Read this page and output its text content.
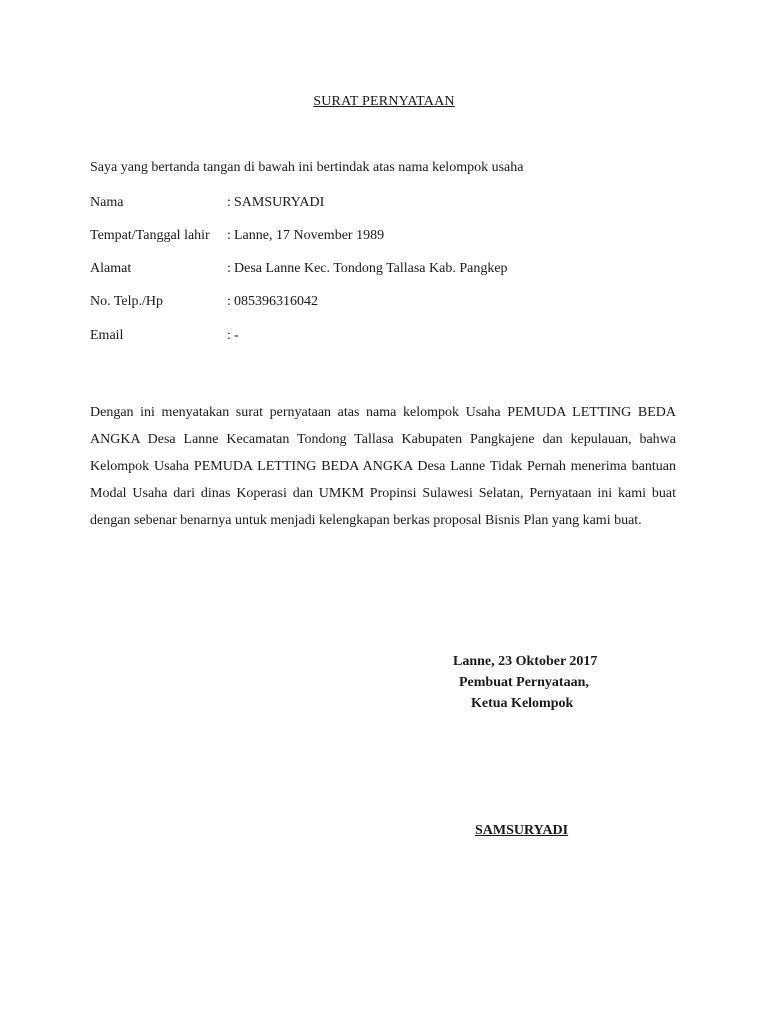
SURAT PERNYATAAN
Saya yang bertanda tangan di bawah ini bertindak atas nama kelompok usaha
Nama	:SAMSURYADI
Tempat/Tanggal lahir :Lanne, 17 November 1989
Alamat	:Desa Lanne Kec. Tondong Tallasa Kab. Pangkep
No. Telp./Hp	:085396316042
Email	:-
Dengan ini menyatakan surat pernyataan atas nama kelompok Usaha PEMUDA LETTING BEDA ANGKA Desa Lanne Kecamatan Tondong Tallasa Kabupaten Pangkajene dan kepulauan, bahwa Kelompok Usaha PEMUDA LETTING BEDA ANGKA Desa Lanne Tidak Pernah menerima bantuan Modal Usaha dari dinas Koperasi dan UMKM Propinsi Sulawesi Selatan, Pernyataan ini kami buat dengan sebenar benarnya untuk menjadi kelengkapan berkas proposal Bisnis Plan yang kami buat.
Lanne, 23 Oktober 2017
Pembuat Pernyataan,
Ketua Kelompok
SAMSURYADI
